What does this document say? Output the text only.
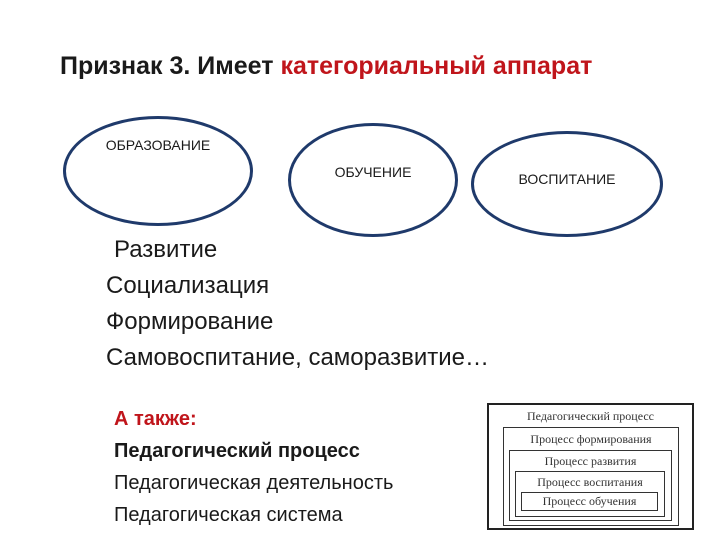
Признак 3. Имеет категориальный аппарат
ОБРАЗОВАНИЕ
ОБУЧЕНИЕ	ВОСПИТАНИЕ
Развитие
Социализация
Формирование
Самовоспитание, саморазвитие…
А также:
Педагогический процесс
Педагогическая деятельность
Педагогическая система
Педагогический процесс
Процесс формирования
Процесс развития
Процесс воспитания
Процесс обучения
